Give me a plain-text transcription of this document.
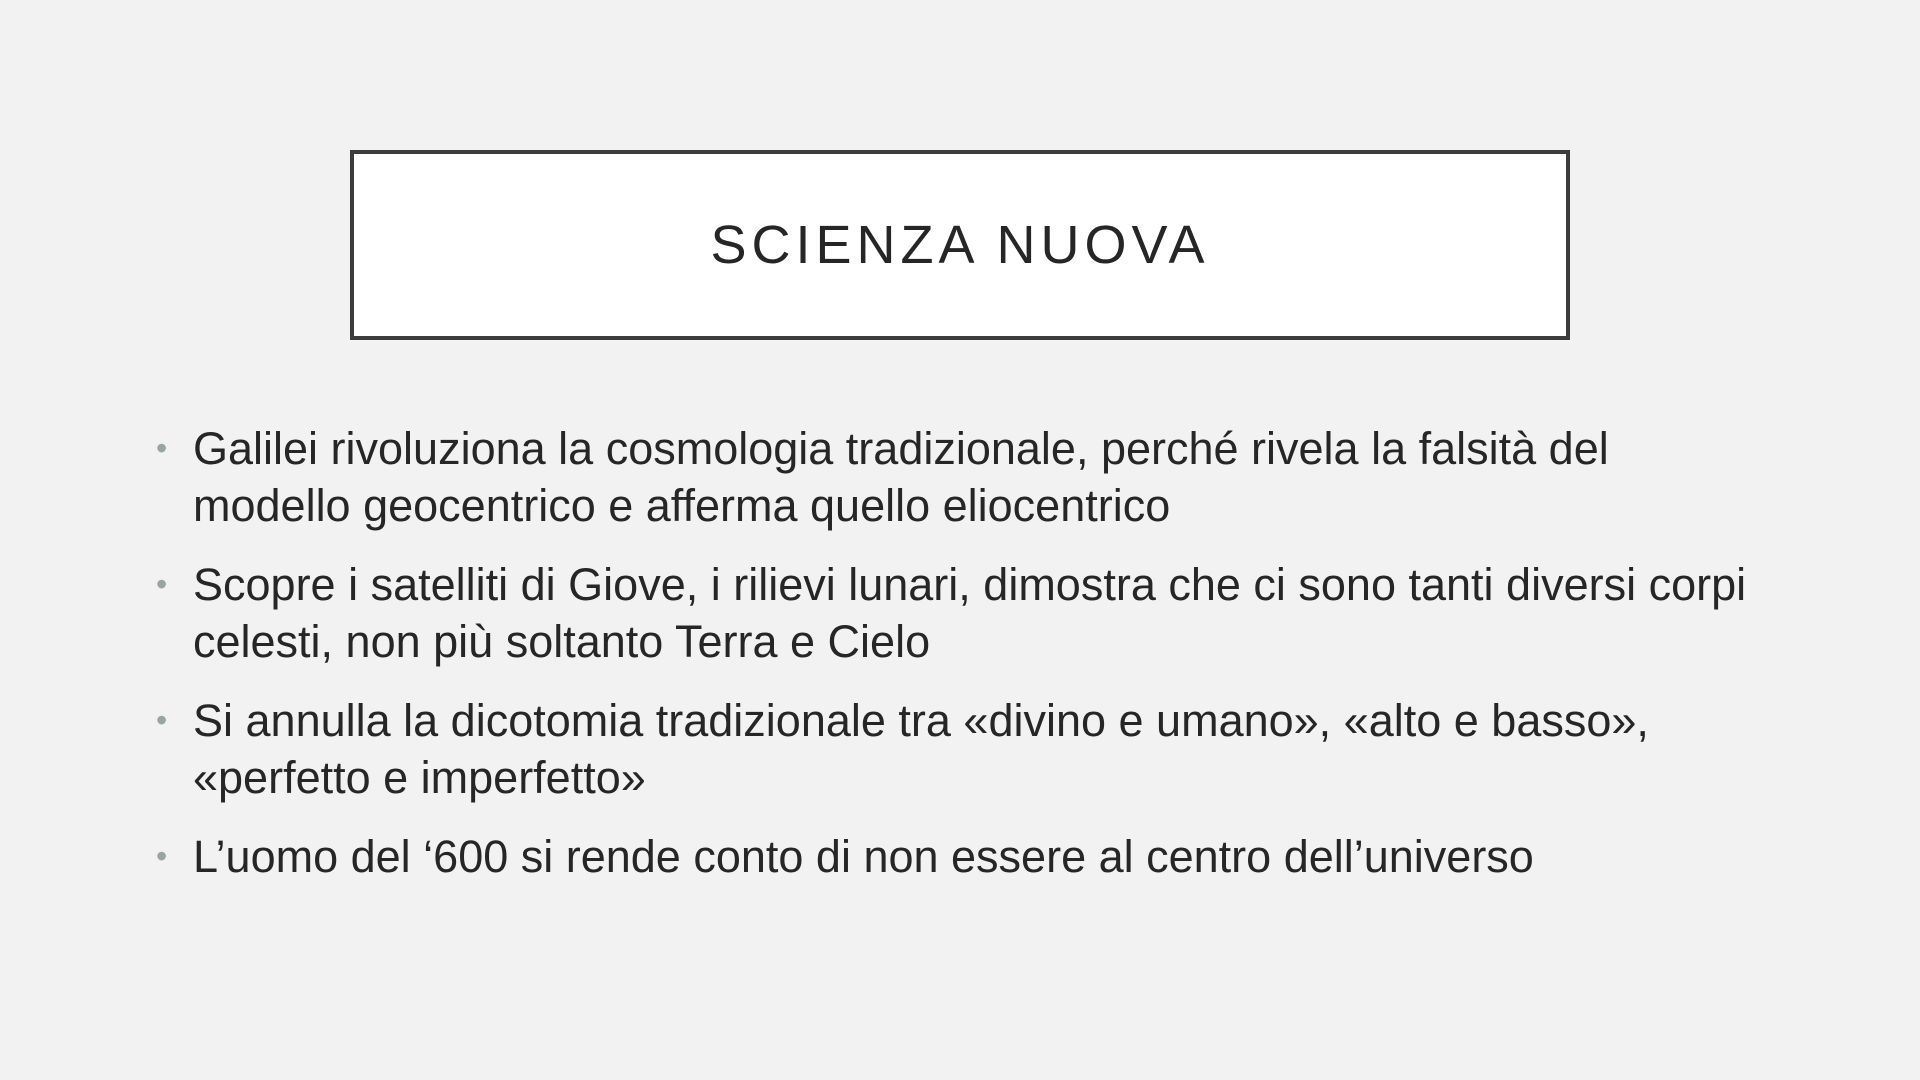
SCIENZA NUOVA
• Galilei rivoluziona la cosmologia tradizionale, perché rivela la falsità del modello geocentrico e afferma quello eliocentrico
• Scopre i satelliti di Giove, i rilievi lunari, dimostra che ci sono tanti diversi corpi celesti, non più soltanto Terra e Cielo
• Si annulla la dicotomia tradizionale tra «divino e umano», «alto e basso», «perfetto e imperfetto»
• L’uomo del ‘600 si rende conto di non essere al centro dell’universo
